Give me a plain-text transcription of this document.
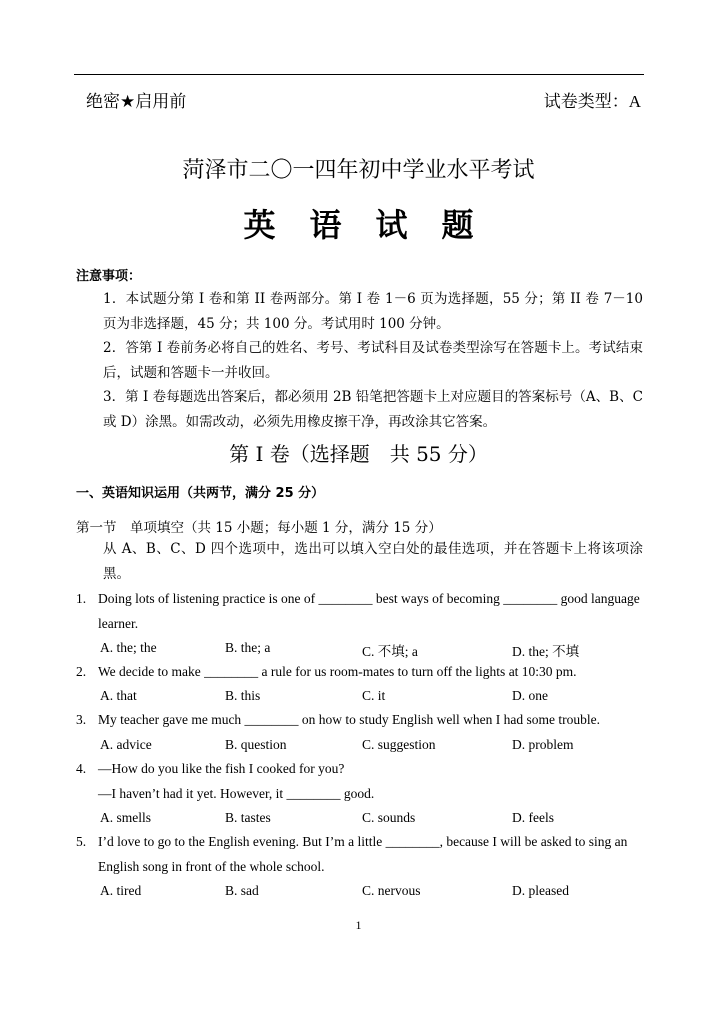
绝密★启用前	试卷类型：A
菏泽市二〇一四年初中学业水平考试
英语试题
注意事项：
1．本试题分第 I 卷和第 II 卷两部分。第 I 卷 1－6 页为选择题，55 分；第 II 卷 7－10 页为非选择题，45 分；共 100 分。考试用时 100 分钟。
2．答第 I 卷前务必将自己的姓名、考号、考试科目及试卷类型涂写在答题卡上。考试结束后，试题和答题卡一并收回。
3．第 I 卷每题选出答案后，都必须用 2B 铅笔把答题卡上对应题目的答案标号（A、B、C 或 D）涂黑。如需改动，必须先用橡皮擦干净，再改涂其它答案。
第 I 卷（选择题　共 55 分）
一、英语知识运用（共两节，满分 25 分）
第一节　单项填空（共 15 小题；每小题 1 分，满分 15 分）
从 A、B、C、D 四个选项中，选出可以填入空白处的最佳选项，并在答题卡上将该项涂黑。
1. Doing lots of listening practice is one of ________ best ways of becoming ________ good language learner.
A. the; the	B. the; a	C. 不填; a	D. the; 不填
2. We decide to make ________ a rule for us room-mates to turn off the lights at 10:30 pm.
A. that	B. this	C. it	D. one
3. My teacher gave me much ________ on how to study English well when I had some trouble.
A. advice	B. question	C. suggestion	D. problem
4. —How do you like the fish I cooked for you?
—I haven’t had it yet. However, it ________ good.
A. smells	B. tastes	C. sounds	D. feels
5. I’d love to go to the English evening. But I’m a little ________, because I will be asked to sing an English song in front of the whole school.
A. tired	B. sad	C. nervous	D. pleased
1
